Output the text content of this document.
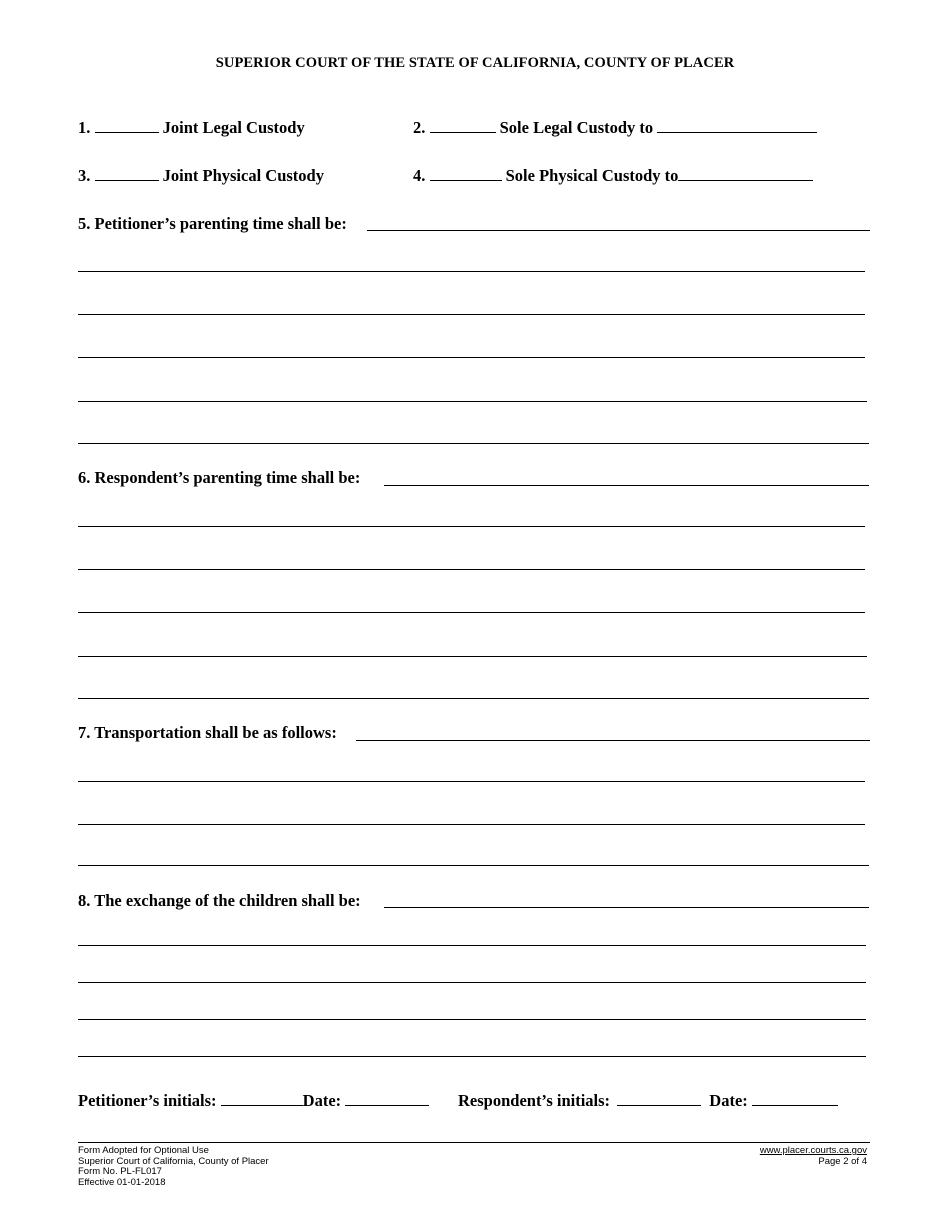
SUPERIOR COURT OF THE STATE OF CALIFORNIA, COUNTY OF PLACER
1.	Joint Legal Custody	2.	Sole Legal Custody to
3.	Joint Physical Custody	4.	Sole Physical Custody to
5. Petitioner’s parenting time shall be:
6. Respondent’s parenting time shall be:
7. Transportation shall be as follows:
8. The exchange of the children shall be:
Petitioner’s initials:	Date:	Respondent’s initials:	Date:
Form Adopted for Optional Use
Superior Court of California, County of Placer
Form No. PL-FL017
Effective 01-01-2018
www.placer.courts.ca.gov
Page 2 of 4
